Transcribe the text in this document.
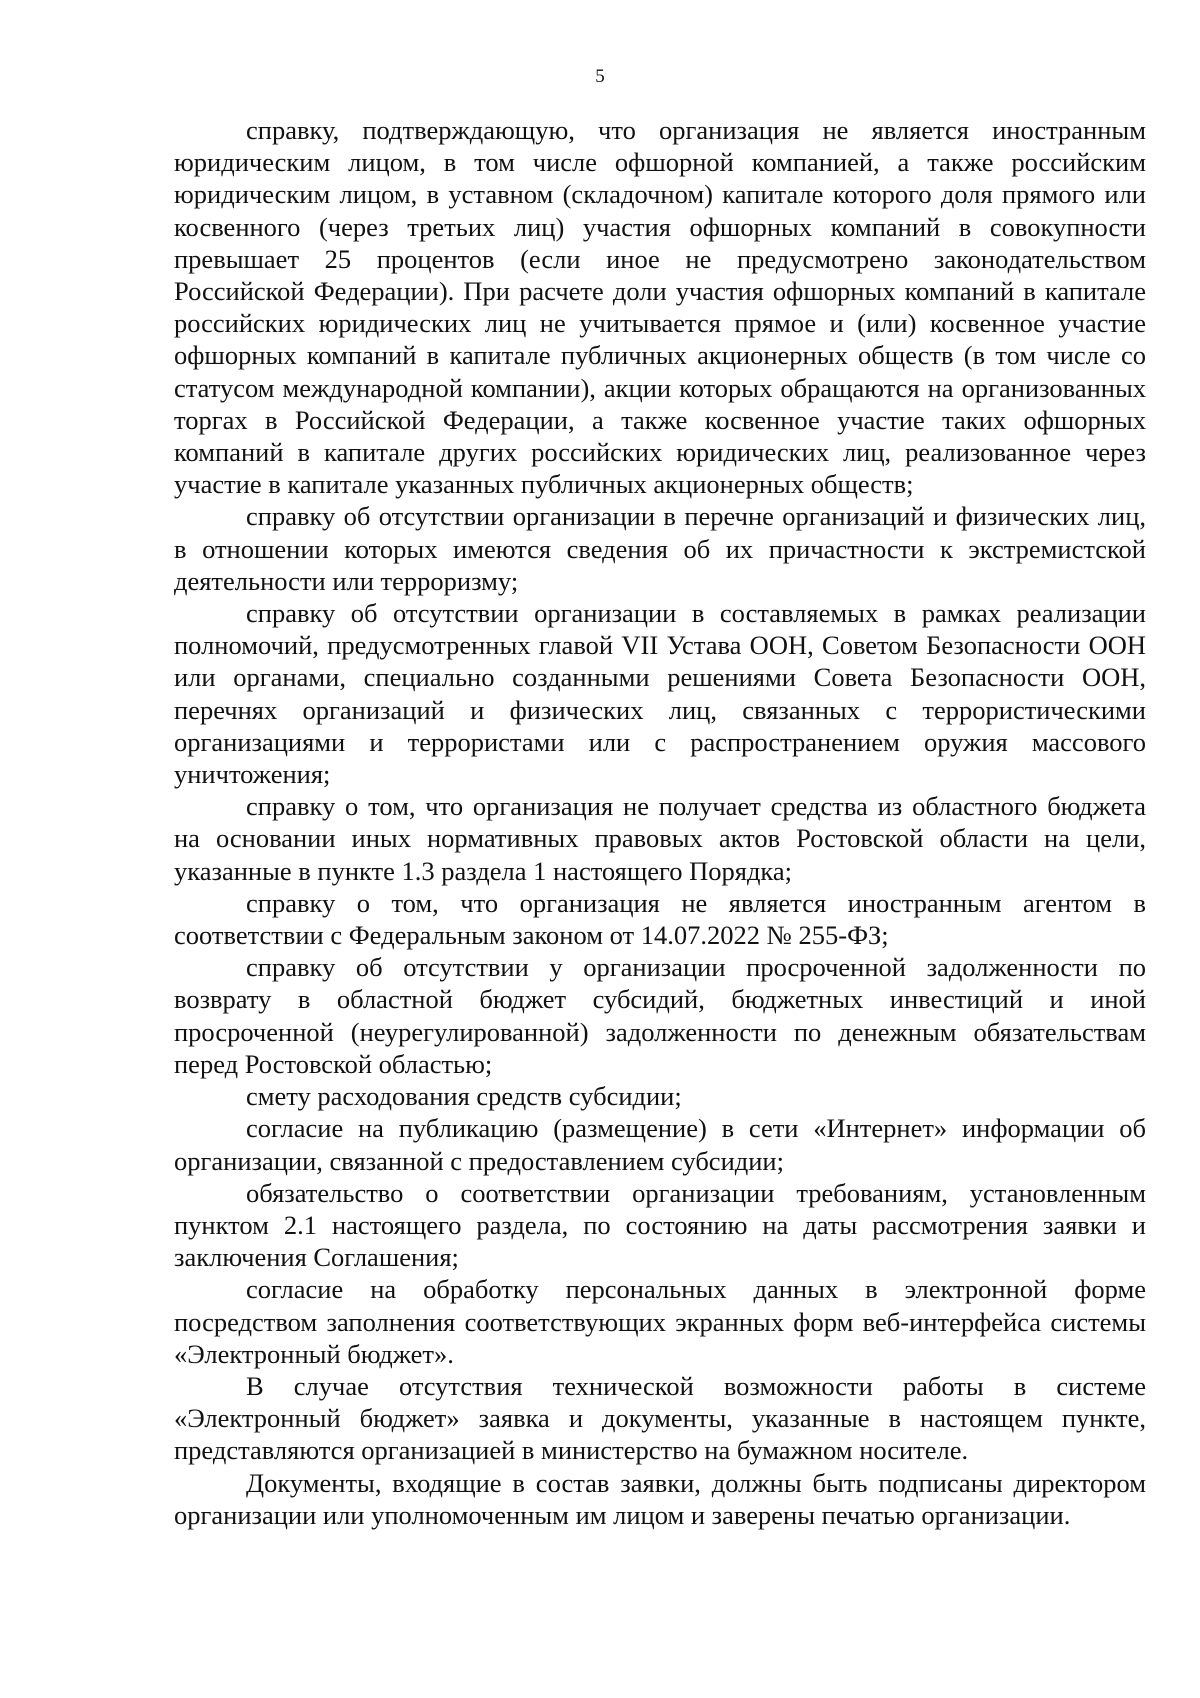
5

справку, подтверждающую, что организация не является иностранным юридическим лицом, в том числе офшорной компанией, а также российским юридическим лицом, в уставном (складочном) капитале которого доля прямого или косвенного (через третьих лиц) участия офшорных компаний в совокупности превышает 25 процентов (если иное не предусмотрено законодательством Российской Федерации). При расчете доли участия офшорных компаний в капитале российских юридических лиц не учитывается прямое и (или) косвенное участие офшорных компаний в капитале публичных акционерных обществ (в том числе со статусом международной компании), акции которых обращаются на организованных торгах в Российской Федерации, а также косвенное участие таких офшорных компаний в капитале других российских юридических лиц, реализованное через участие в капитале указанных публичных акционерных обществ;

справку об отсутствии организации в перечне организаций и физических лиц, в отношении которых имеются сведения об их причастности к экстремистской деятельности или терроризму;

справку об отсутствии организации в составляемых в рамках реализации полномочий, предусмотренных главой VII Устава ООН, Советом Безопасности ООН или органами, специально созданными решениями Совета Безопасности ООН, перечнях организаций и физических лиц, связанных с террористическими организациями и террористами или с распространением оружия массового уничтожения;

справку о том, что организация не получает средства из областного бюджета на основании иных нормативных правовых актов Ростовской области на цели, указанные в пункте 1.3 раздела 1 настоящего Порядка;

справку о том, что организация не является иностранным агентом в соответствии с Федеральным законом от 14.07.2022 № 255-ФЗ;

справку об отсутствии у организации просроченной задолженности по возврату в областной бюджет субсидий, бюджетных инвестиций и иной просроченной (неурегулированной) задолженности по денежным обязательствам перед Ростовской областью;

смету расходования средств субсидии;

согласие на публикацию (размещение) в сети «Интернет» информации об организации, связанной с предоставлением субсидии;

обязательство о соответствии организации требованиям, установленным пунктом 2.1 настоящего раздела, по состоянию на даты рассмотрения заявки и заключения Соглашения;

согласие на обработку персональных данных в электронной форме посредством заполнения соответствующих экранных форм веб-интерфейса системы «Электронный бюджет».

В случае отсутствия технической возможности работы в системе «Электронный бюджет» заявка и документы, указанные в настоящем пункте, представляются организацией в министерство на бумажном носителе.

Документы, входящие в состав заявки, должны быть подписаны директором организации или уполномоченным им лицом и заверены печатью организации.
